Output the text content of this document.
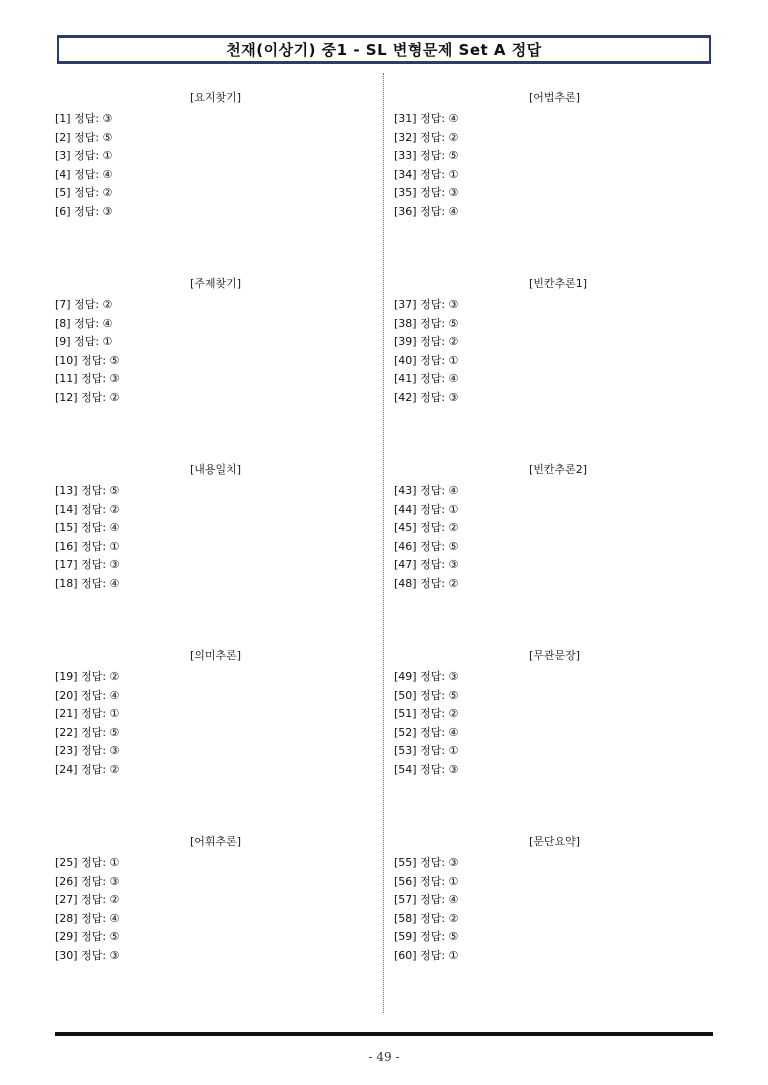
천재(이상기) 중1 - SL 변형문제 Set A 정답
[요지찾기]
[1] 정답: ③
[2] 정답: ⑤
[3] 정답: ①
[4] 정답: ④
[5] 정답: ②
[6] 정답: ③
[주제찾기]
[7] 정답: ②
[8] 정답: ④
[9] 정답: ①
[10] 정답: ⑤
[11] 정답: ③
[12] 정답: ②
[내용일치]
[13] 정답: ⑤
[14] 정답: ②
[15] 정답: ④
[16] 정답: ①
[17] 정답: ③
[18] 정답: ④
[의미추론]
[19] 정답: ②
[20] 정답: ④
[21] 정답: ①
[22] 정답: ⑤
[23] 정답: ③
[24] 정답: ②
[어휘추론]
[25] 정답: ①
[26] 정답: ③
[27] 정답: ②
[28] 정답: ④
[29] 정답: ⑤
[30] 정답: ③
[어법추론]
[31] 정답: ④
[32] 정답: ②
[33] 정답: ⑤
[34] 정답: ①
[35] 정답: ③
[36] 정답: ④
[빈칸추론1]
[37] 정답: ③
[38] 정답: ⑤
[39] 정답: ②
[40] 정답: ①
[41] 정답: ④
[42] 정답: ③
[빈칸추론2]
[43] 정답: ④
[44] 정답: ①
[45] 정답: ②
[46] 정답: ⑤
[47] 정답: ③
[48] 정답: ②
[무관문장]
[49] 정답: ③
[50] 정답: ⑤
[51] 정답: ②
[52] 정답: ④
[53] 정답: ①
[54] 정답: ③
[문단요약]
[55] 정답: ③
[56] 정답: ①
[57] 정답: ④
[58] 정답: ②
[59] 정답: ⑤
[60] 정답: ①
- 49 -
